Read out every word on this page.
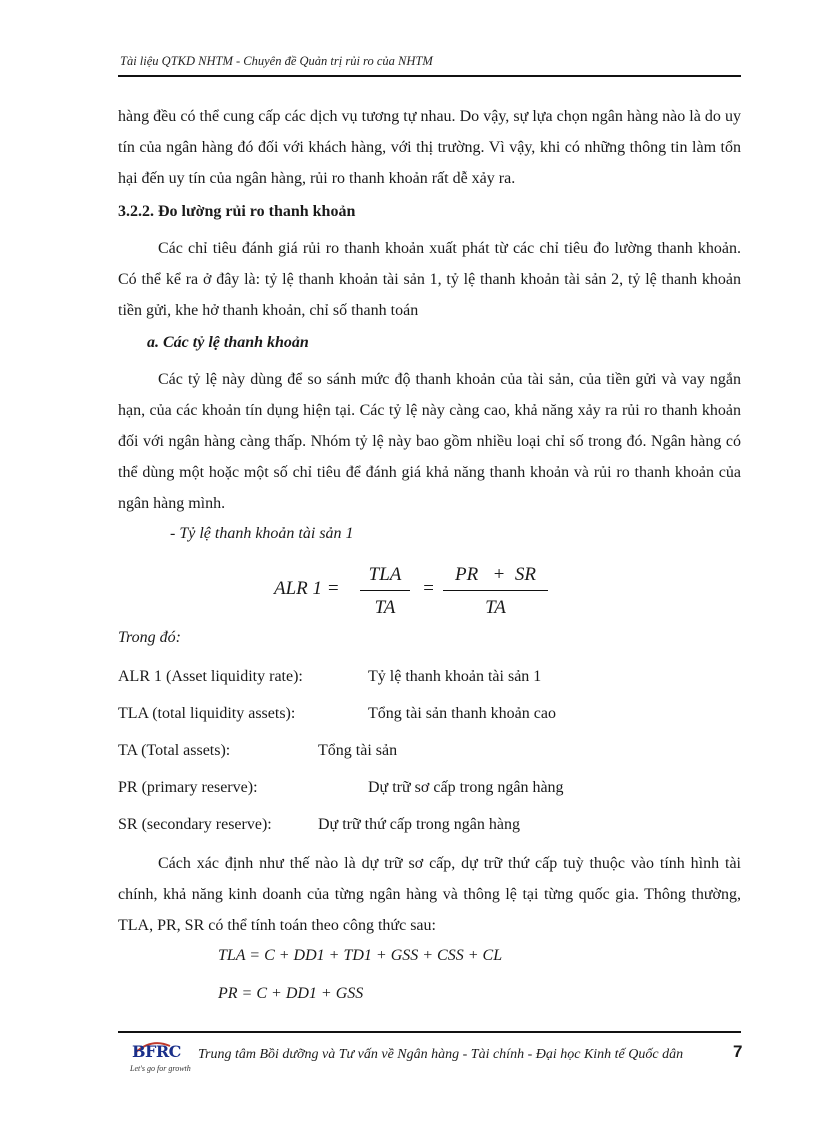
Tài liệu QTKD NHTM - Chuyên đề Quản trị rủi ro của NHTM
hàng đều có thể cung cấp các dịch vụ tương tự nhau. Do vậy, sự lựa chọn ngân hàng nào là do uy tín của ngân hàng đó đối với khách hàng, với thị trường. Vì vậy, khi có những thông tin làm tổn hại đến uy tín của ngân hàng, rủi ro thanh khoản rất dễ xảy ra.
3.2.2. Đo lường rủi ro thanh khoản
Các chỉ tiêu đánh giá rủi ro thanh khoản xuất phát từ các chỉ tiêu đo lường thanh khoản. Có thể kể ra ở đây là: tỷ lệ thanh khoản tài sản 1, tỷ lệ thanh khoản tài sản 2, tỷ lệ thanh khoản tiền gửi, khe hở thanh khoản, chỉ số thanh toán
a. Các tỷ lệ thanh khoản
Các tỷ lệ này dùng để so sánh mức độ thanh khoản của tài sản, của tiền gửi và vay ngắn hạn, của các khoản tín dụng hiện tại. Các tỷ lệ này càng cao, khả năng xảy ra rủi ro thanh khoản đối với ngân hàng càng thấp. Nhóm tỷ lệ này bao gồm nhiều loại chỉ số trong đó. Ngân hàng có thể dùng một hoặc một số chỉ tiêu để đánh giá khả năng thanh khoản và rủi ro thanh khoản của ngân hàng mình.
- Tỷ lệ thanh khoản tài sản 1
ALR 1 =
TLA
TA
= $\frac{PR + SR}{TA}$
Trong đó:
ALR 1 (Asset liquidity rate):	Tỷ lệ thanh khoản tài sản 1
TLA (total liquidity assets):	Tổng tài sản thanh khoản cao
TA (Total assets):	Tổng tài sản
PR (primary reserve):	Dự trữ sơ cấp trong ngân hàng
SR (secondary reserve):	Dự trữ thứ cấp trong ngân hàng
Cách xác định như thế nào là dự trữ sơ cấp, dự trữ thứ cấp tuỳ thuộc vào tính hình tài chính, khả năng kinh doanh của từng ngân hàng và thông lệ tại từng quốc gia. Thông thường, TLA, PR, SR có thể tính toán theo công thức sau:
TLA = C + DD1 + TD1 + GSS + CSS + CL
PR = C + DD1 + GSS
BFRC
Let's go for growth
Trung tâm Bồi dưỡng và Tư vấn về Ngân hàng - Tài chính - Đại học Kinh tế Quốc dân	7
